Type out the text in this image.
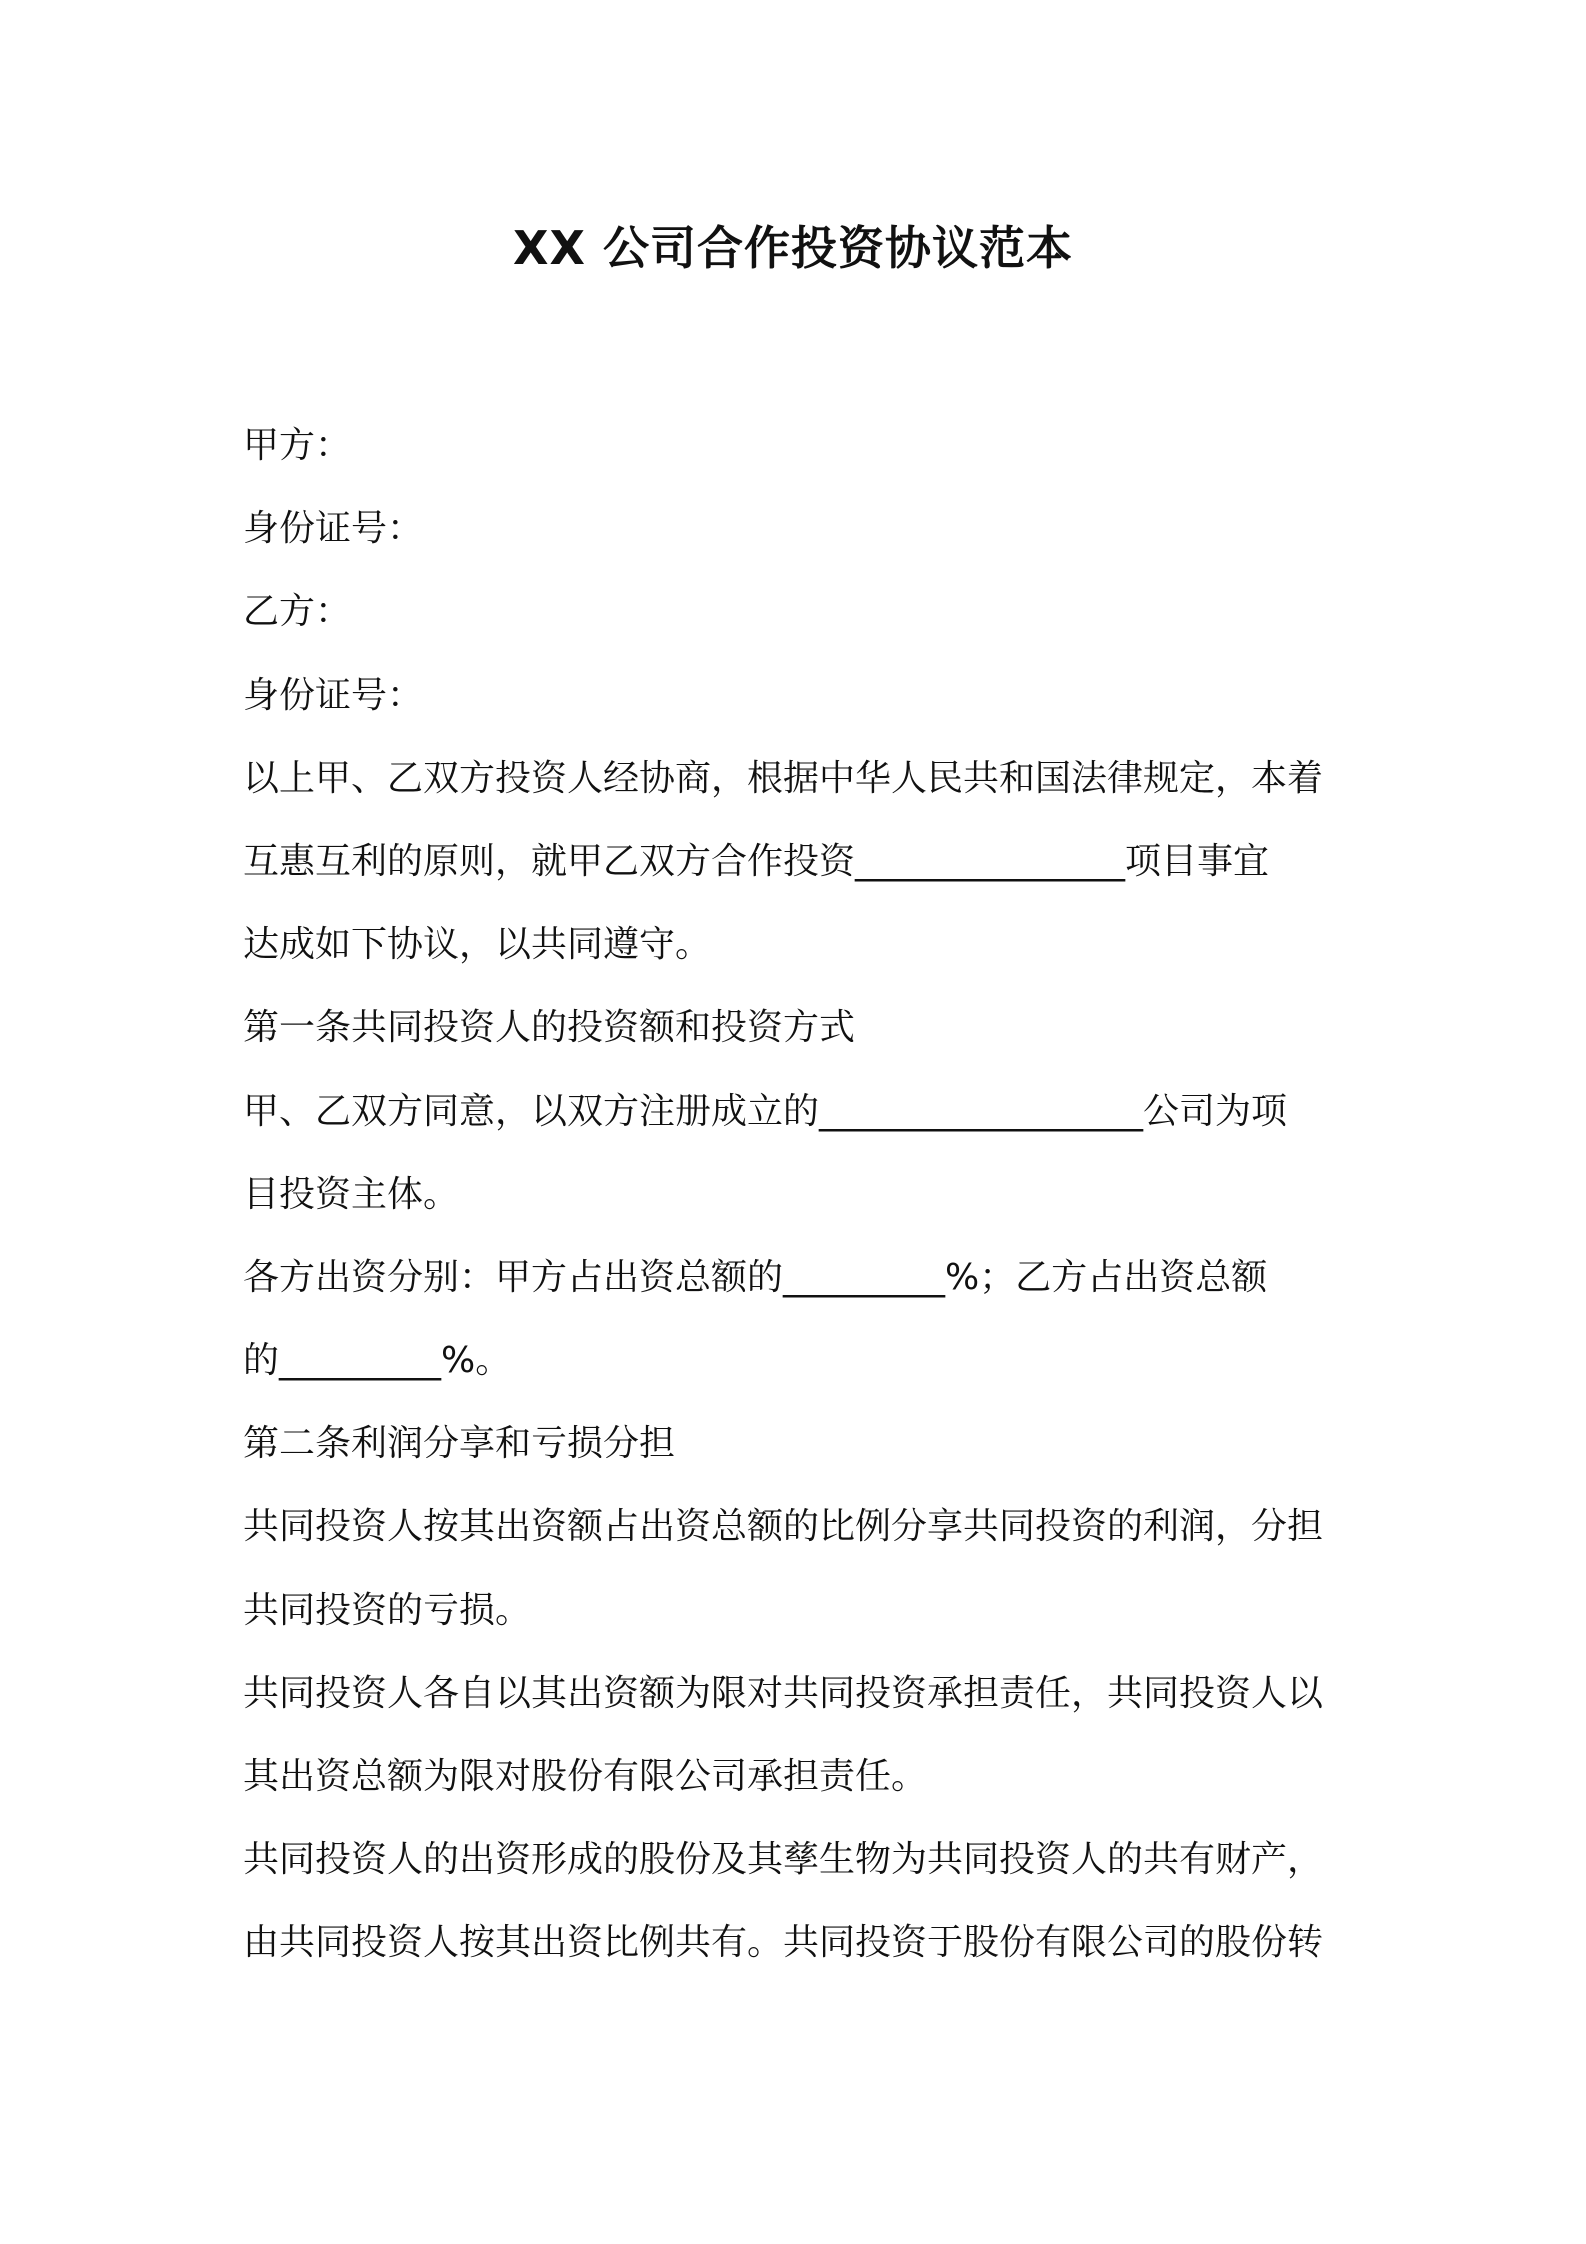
XX 公司合作投资协议范本

甲方：

身份证号：

乙方：

身份证号：

以上甲、乙双方投资人经协商，根据中华人民共和国法律规定，本着

互惠互利的原则，就甲乙双方合作投资_______________项目事宜

达成如下协议，以共同遵守。

第一条共同投资人的投资额和投资方式

甲、乙双方同意，以双方注册成立的__________________公司为项

目投资主体。

各方出资分别：甲方占出资总额的_________%；乙方占出资总额

的_________%。

第二条利润分享和亏损分担

共同投资人按其出资额占出资总额的比例分享共同投资的利润，分担

共同投资的亏损。

共同投资人各自以其出资额为限对共同投资承担责任，共同投资人以

其出资总额为限对股份有限公司承担责任。

共同投资人的出资形成的股份及其孳生物为共同投资人的共有财产，

由共同投资人按其出资比例共有。共同投资于股份有限公司的股份转
